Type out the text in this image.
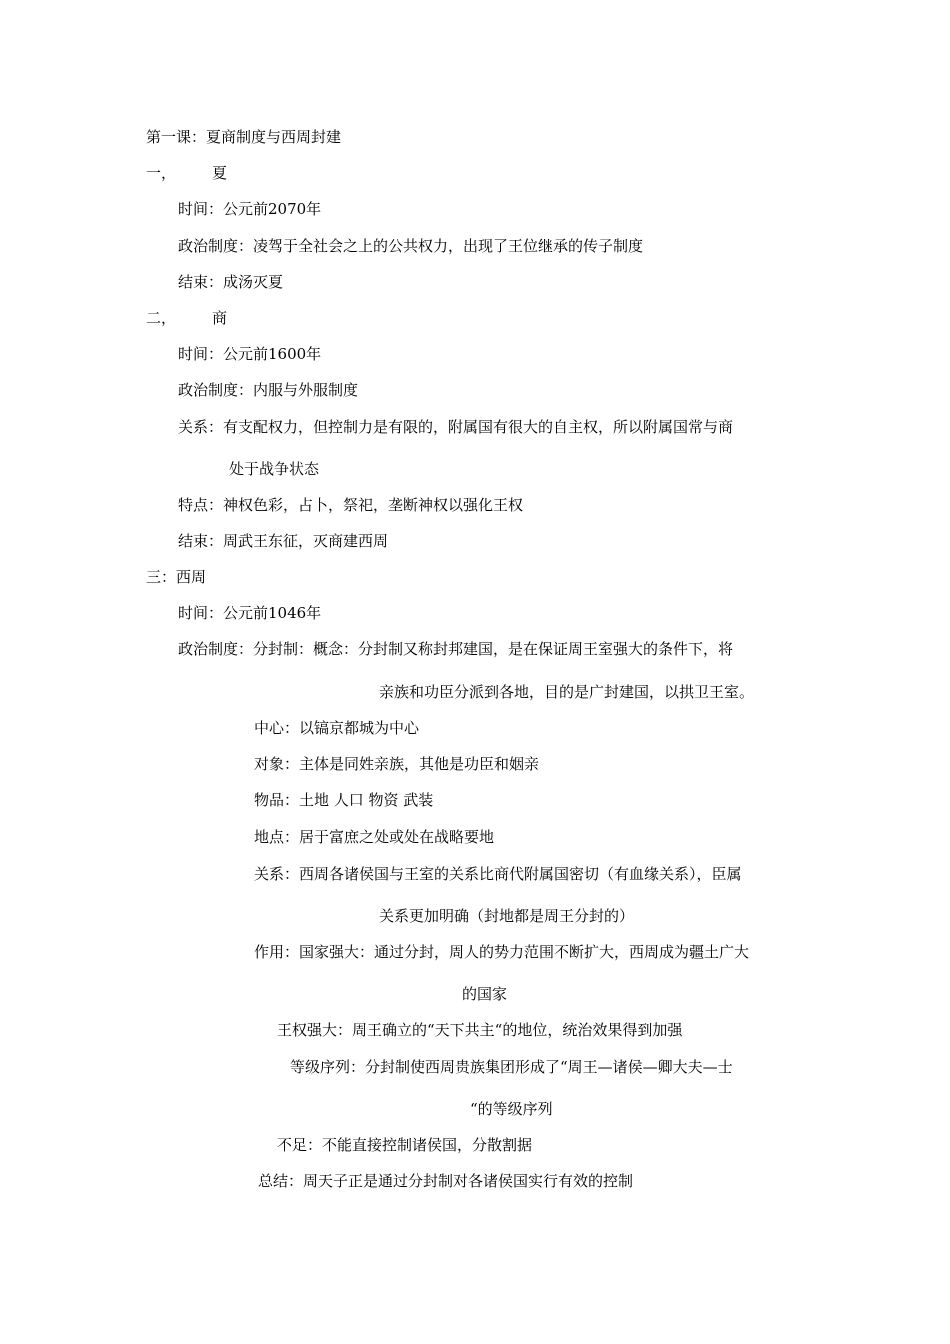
第一课：夏商制度与西周封建
一， 夏
时间：公元前2070年
政治制度：凌驾于全社会之上的公共权力，出现了王位继承的传子制度
结束：成汤灭夏
二， 商
时间：公元前1600年
政治制度：内服与外服制度
关系：有支配权力，但控制力是有限的，附属国有很大的自主权，所以附属国常与商
处于战争状态
特点：神权色彩，占卜，祭祀，垄断神权以强化王权
结束：周武王东征，灭商建西周
三：西周
时间：公元前1046年
政治制度：分封制：概念：分封制又称封邦建国，是在保证周王室强大的条件下，将
亲族和功臣分派到各地，目的是广封建国，以拱卫王室。
中心：以镐京都城为中心
对象：主体是同姓亲族，其他是功臣和姻亲
物品：土地 人口 物资 武装
地点：居于富庶之处或处在战略要地
关系：西周各诸侯国与王室的关系比商代附属国密切（有血缘关系），臣属
关系更加明确（封地都是周王分封的）
作用：国家强大：通过分封，周人的势力范围不断扩大，西周成为疆土广大
的国家
王权强大：周王确立的“天下共主“的地位，统治效果得到加强
等级序列：分封制使西周贵族集团形成了“周王—诸侯—卿大夫—士
“的等级序列
不足：不能直接控制诸侯国，分散割据
总结：周天子正是通过分封制对各诸侯国实行有效的控制
